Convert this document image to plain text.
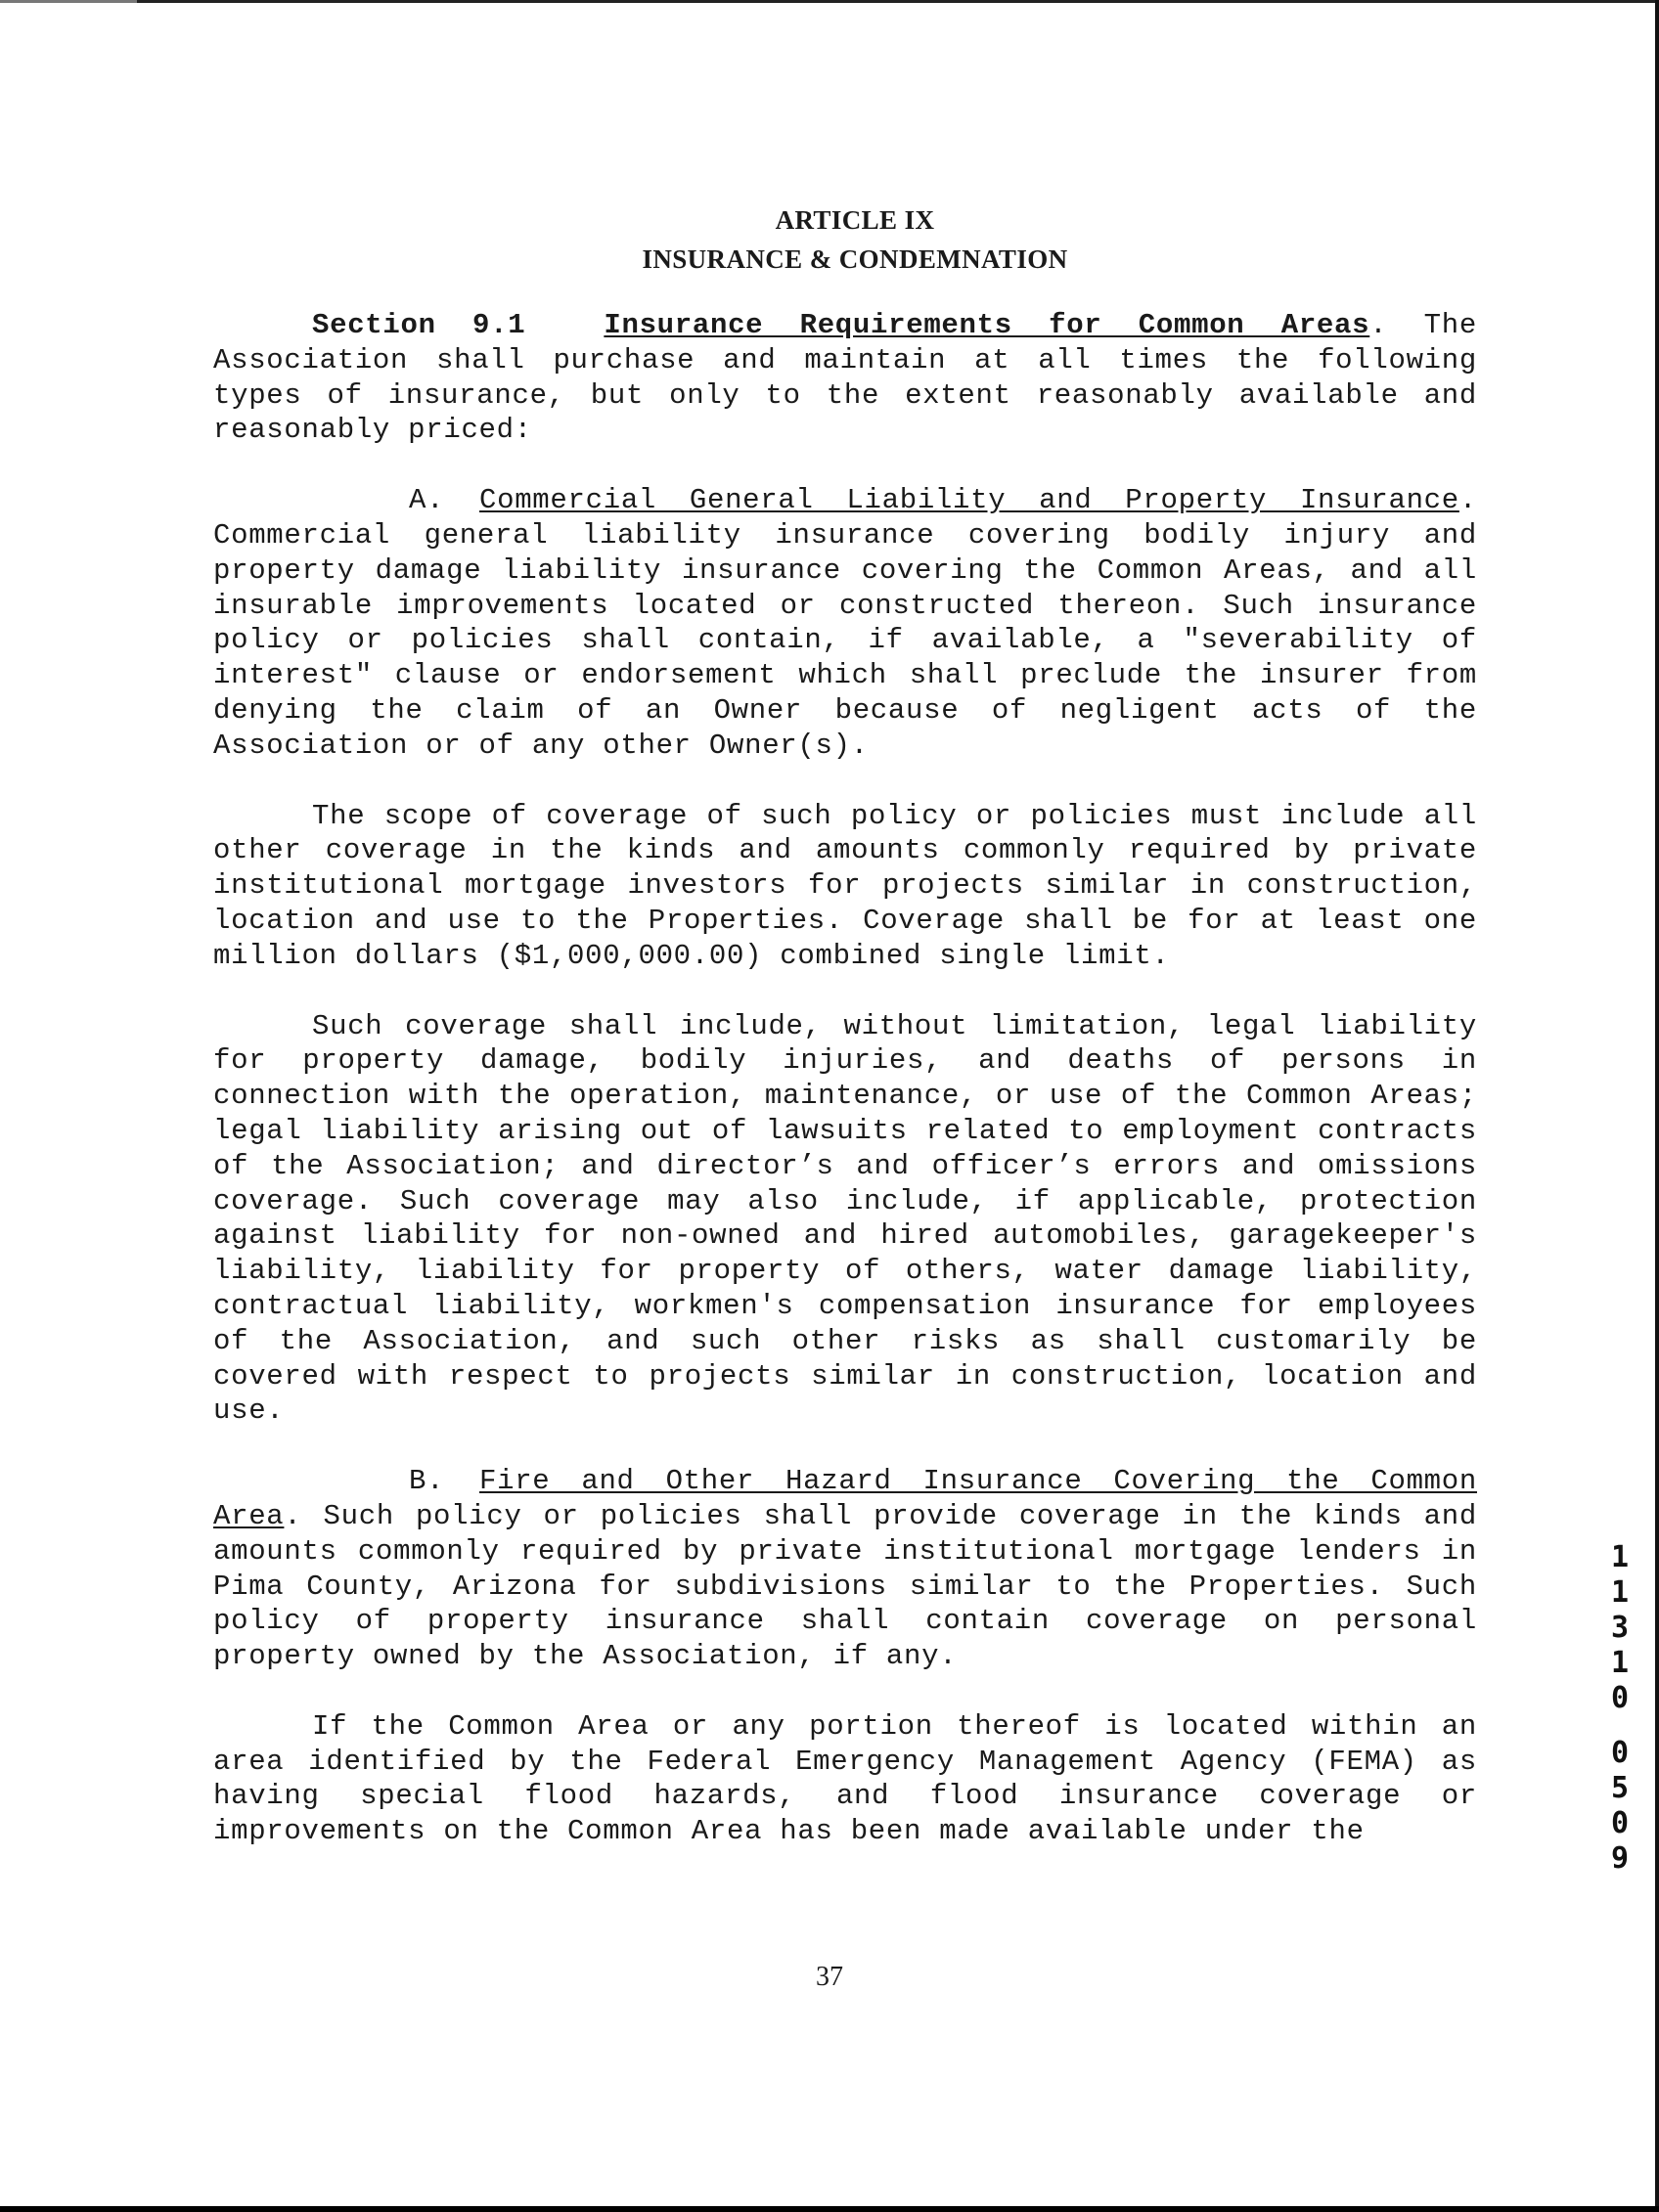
ARTICLE IX
INSURANCE & CONDEMNATION

Section 9.1	Insurance Requirements for Common Areas. The Association shall purchase and maintain at all times the following types of insurance, but only to the extent reasonably available and reasonably priced:

A. Commercial General Liability and Property Insurance. Commercial general liability insurance covering bodily injury and property damage liability insurance covering the Common Areas, and all insurable improvements located or constructed thereon. Such insurance policy or policies shall contain, if available, a "severability of interest" clause or endorsement which shall preclude the insurer from denying the claim of an Owner because of negligent acts of the Association or of any other Owner(s).

The scope of coverage of such policy or policies must include all other coverage in the kinds and amounts commonly required by private institutional mortgage investors for projects similar in construction, location and use to the Properties. Coverage shall be for at least one million dollars ($1,000,000.00) combined single limit.

Such coverage shall include, without limitation, legal liability for property damage, bodily injuries, and deaths of persons in connection with the operation, maintenance, or use of the Common Areas; legal liability arising out of lawsuits related to employment contracts of the Association; and director’s and officer’s errors and omissions coverage. Such coverage may also include, if applicable, protection against liability for non-owned and hired automobiles, garagekeeper's liability, liability for property of others, water damage liability, contractual liability, workmen's compensation insurance for employees of the Association, and such other risks as shall customarily be covered with respect to projects similar in construction, location and use.

B. Fire and Other Hazard Insurance Covering the Common Area. Such policy or policies shall provide coverage in the kinds and amounts commonly required by private institutional mortgage lenders in Pima County, Arizona for subdivisions similar to the Properties. Such policy of property insurance shall contain coverage on personal property owned by the Association, if any.

If the Common Area or any portion thereof is located within an area identified by the Federal Emergency Management Agency (FEMA) as having special flood hazards, and flood insurance coverage or improvements on the Common Area has been made available under the

37
1
1
3
1
0
0
5
0
9
